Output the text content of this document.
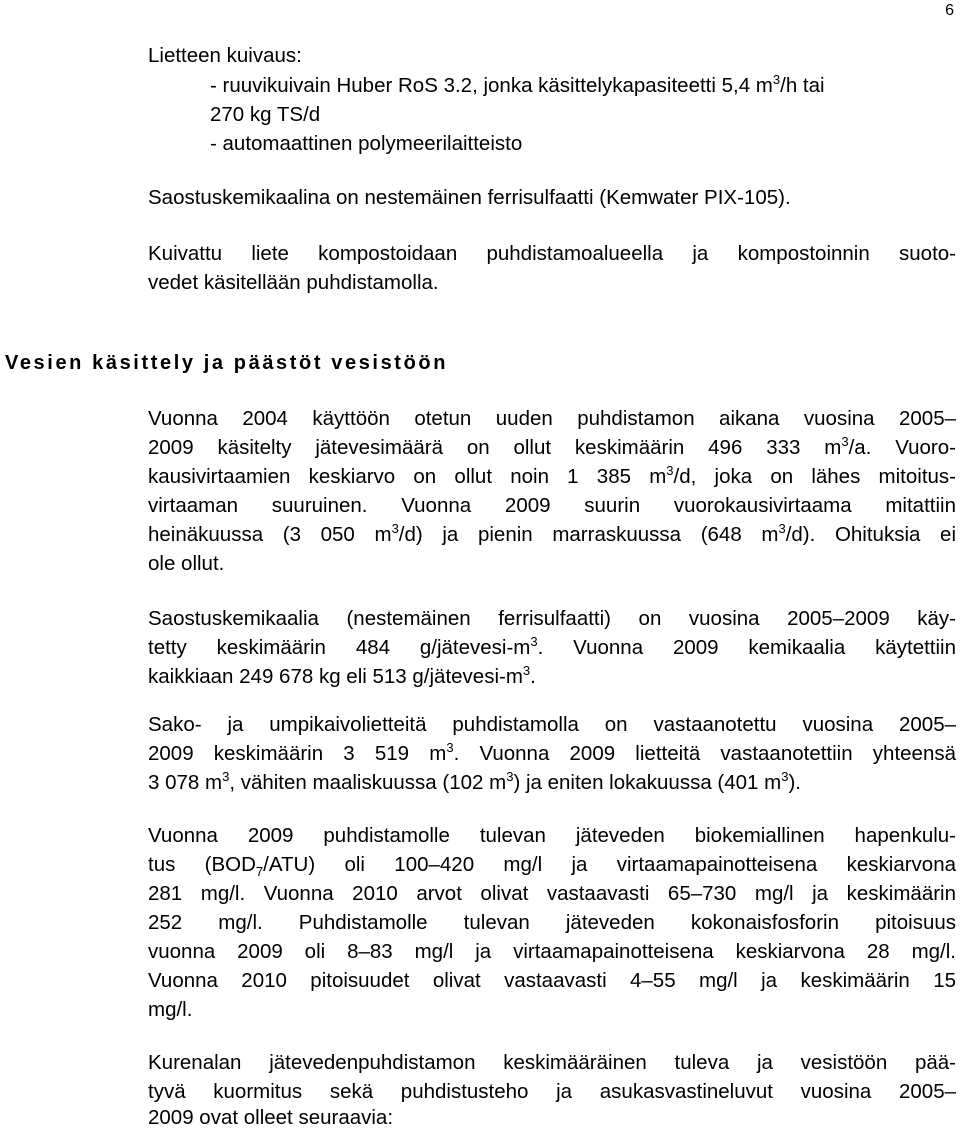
6
Lietteen kuivaus:
- ruuvikuivain Huber RoS 3.2, jonka käsittelykapasiteetti 5,4 $m^3/h$ tai
270 kg TS/d
- automaattinen polymeerilaitteisto
Saostuskemikaalina on nestemäinen ferrisulfaatti (Kemwater PIX-105).
Kuivattu liete kompostoidaan puhdistamoalueella ja kompostoinnin suoto-
vedet käsitellään puhdistamolla.
Vesien käsittely ja päästöt vesistöön
Vuonna 2004 käyttöön otetun uuden puhdistamon aikana vuosina 2005–
2009 käsitelty jätevesimäärä on ollut keskimäärin 496 333 $m^3/a$. Vuoro-
kausivirtaamien keskiarvo on ollut noin 1 385 $m^3/d$, joka on lähes mitoitus-
virtaaman suuruinen. Vuonna 2009 suurin vuorokausivirtaama mitattiin
heinäkuussa (3 050 $m^3/d$) ja pienin marraskuussa (648 $m^3/d$). Ohituksia ei
ole ollut.
Saostuskemikaalia (nestemäinen ferrisulfaatti) on vuosina 2005–2009 käy-
tetty keskimäärin 484 $g/jätevesi-m^3$. Vuonna 2009 kemikaalia käytettiin
kaikkiaan 249 678 kg eli 513 $g/jätevesi-m^3$.
Sako- ja umpikaivolietteitä puhdistamolla on vastaanotettu vuosina 2005–
2009 keskimäärin 3 519 $m^3$. Vuonna 2009 lietteitä vastaanotettiin yhteensä
3 078 $m^3$, vähiten maaliskuussa (102 $m^3$) ja eniten lokakuussa (401 $m^3$).
Vuonna 2009 puhdistamolle tulevan jäteveden biokemiallinen hapenkulu-
tus $(BOD_7/ATU)$ oli 100–420 mg/l ja virtaamapainotteisena keskiarvona
281 mg/l. Vuonna 2010 arvot olivat vastaavasti 65–730 mg/l ja keskimäärin
252 mg/l. Puhdistamolle tulevan jäteveden kokonaisfosforin pitoisuus
vuonna 2009 oli 8–83 mg/l ja virtaamapainotteisena keskiarvona 28 mg/l.
Vuonna 2010 pitoisuudet olivat vastaavasti 4–55 mg/l ja keskimäärin 15
mg/l.
Kurenalan jätevedenpuhdistamon keskimääräinen tuleva ja vesistöön pää-
tyvä kuormitus sekä puhdistusteho ja asukasvastineluvut vuosina 2005–
2009 ovat olleet seuraavia:
